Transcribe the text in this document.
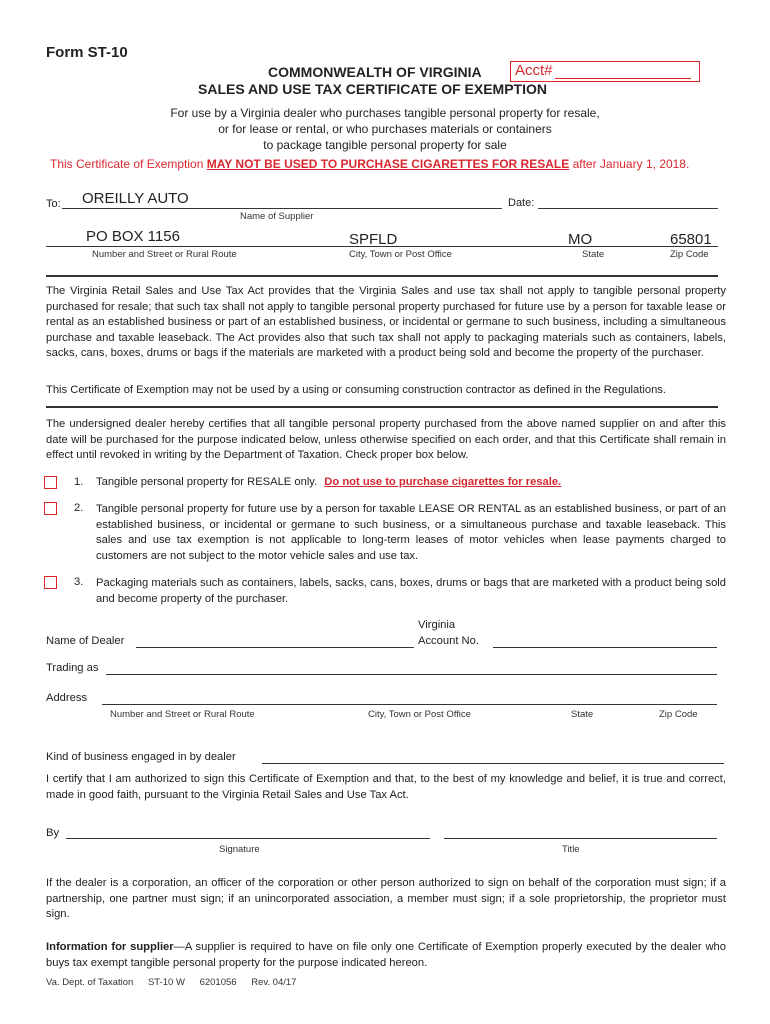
Form ST-10
COMMONWEALTH OF VIRGINIA Acct#
SALES AND USE TAX CERTIFICATE OF EXEMPTION
For use by a Virginia dealer who purchases tangible personal property for resale,
or for lease or rental, or who purchases materials or containers
to package tangible personal property for sale
This Certificate of Exemption MAY NOT BE USED TO PURCHASE CIGARETTES FOR RESALE after January 1, 2018.
To: OREILLY AUTO	Date:
Name of Supplier
PO BOX 1156	SPFLD	MO	65801
Number and Street or Rural Route	City, Town or Post Office	State	Zip Code
The Virginia Retail Sales and Use Tax Act provides that the Virginia Sales and use tax shall not apply to tangible personal property purchased for resale; that such tax shall not apply to tangible personal property purchased for future use by a person for taxable lease or rental as an established business or part of an established business, or incidental or germane to such business, including a simultaneous purchase and taxable leaseback. The Act provides also that such tax shall not apply to packaging materials such as containers, labels, sacks, cans, boxes, drums or bags if the materials are marketed with a product being sold and become the property of the purchaser.
This Certificate of Exemption may not be used by a using or consuming construction contractor as defined in the Regulations.
The undersigned dealer hereby certifies that all tangible personal property purchased from the above named supplier on and after this date will be purchased for the purpose indicated below, unless otherwise specified on each order, and that this Certificate shall remain in effect until revoked in writing by the Department of Taxation. Check proper box below.
1. Tangible personal property for RESALE only. Do not use to purchase cigarettes for resale.
2. Tangible personal property for future use by a person for taxable LEASE OR RENTAL as an established business, or part of an established business, or incidental or germane to such business, or a simultaneous purchase and taxable leaseback. This sales and use tax exemption is not applicable to long-term leases of motor vehicles when lease payments charged to customers are not subject to the motor vehicle sales and use tax.
3. Packaging materials such as containers, labels, sacks, cans, boxes, drums or bags that are marketed with a product being sold and become property of the purchaser.
Virginia
Name of Dealer	Account No.
Trading as
Address
Number and Street or Rural Route	City, Town or Post Office	State	Zip Code
Kind of business engaged in by dealer
I certify that I am authorized to sign this Certificate of Exemption and that, to the best of my knowledge and belief, it is true and correct, made in good faith, pursuant to the Virginia Retail Sales and Use Tax Act.
By
Signature	Title
If the dealer is a corporation, an officer of the corporation or other person authorized to sign on behalf of the corporation must sign; if a partnership, one partner must sign; if an unincorporated association, a member must sign; if a sole proprietorship, the proprietor must sign.
Information for supplier—A supplier is required to have on file only one Certificate of Exemption properly executed by the dealer who buys tax exempt tangible personal property for the purpose indicated hereon.
Va. Dept. of Taxation ST-10 W 6201056 Rev. 04/17
